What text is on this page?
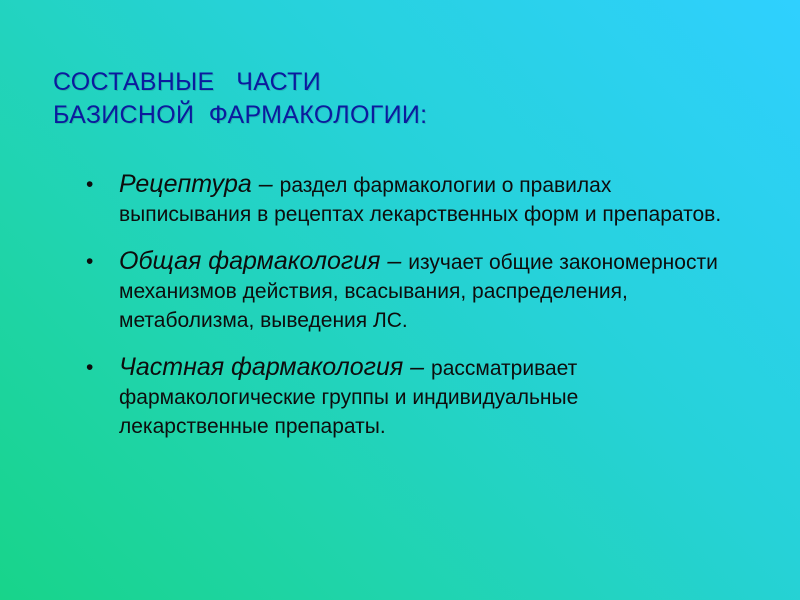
СОСТАВНЫЕ   ЧАСТИ
БАЗИСНОЙ  ФАРМАКОЛОГИИ:
• Рецептура – раздел фармакологии о правилах выписывания в рецептах лекарственных форм и препаратов.
• Общая фармакология – изучает общие закономерности механизмов действия, всасывания, распределения, метаболизма, выведения ЛС.
• Частная фармакология – рассматривает фармакологические группы и индивидуальные лекарственные препараты.
